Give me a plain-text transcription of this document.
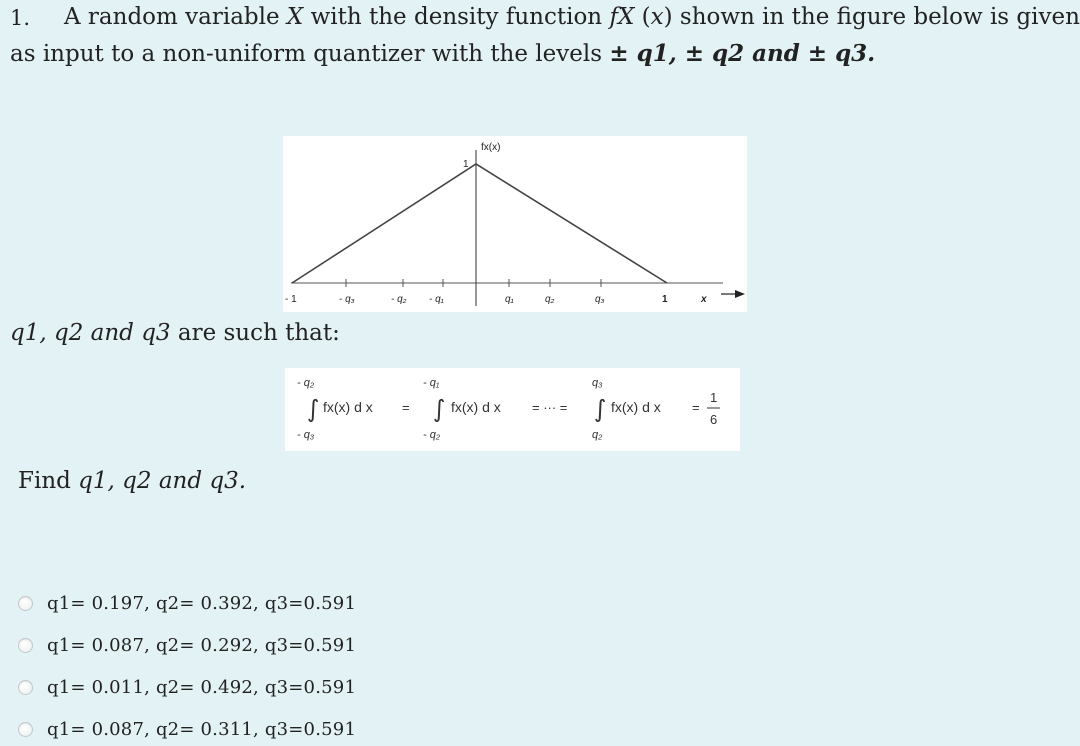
1. A random variable X with the density function fX (x) shown in the figure below is given
as input to a non-uniform quantizer with the levels ± q1, ± q2 and ± q3.
fx(x)
1
- 1	- q₃	- q₂ - q₁	q₁	q₂	q₃	1	x
q1, q2 and q3 are such that:
- q₂
∫
- q₃
fx(x) d x =
- q₁
∫
- q₂
fx(x) d x = ··· =
q₃
∫
q₂
fx(x) d x =
1
6
Find q1, q2 and q3.
q1= 0.197, q2= 0.392, q3=0.591
q1= 0.087, q2= 0.292, q3=0.591
q1= 0.011, q2= 0.492, q3=0.591
q1= 0.087, q2= 0.311, q3=0.591
